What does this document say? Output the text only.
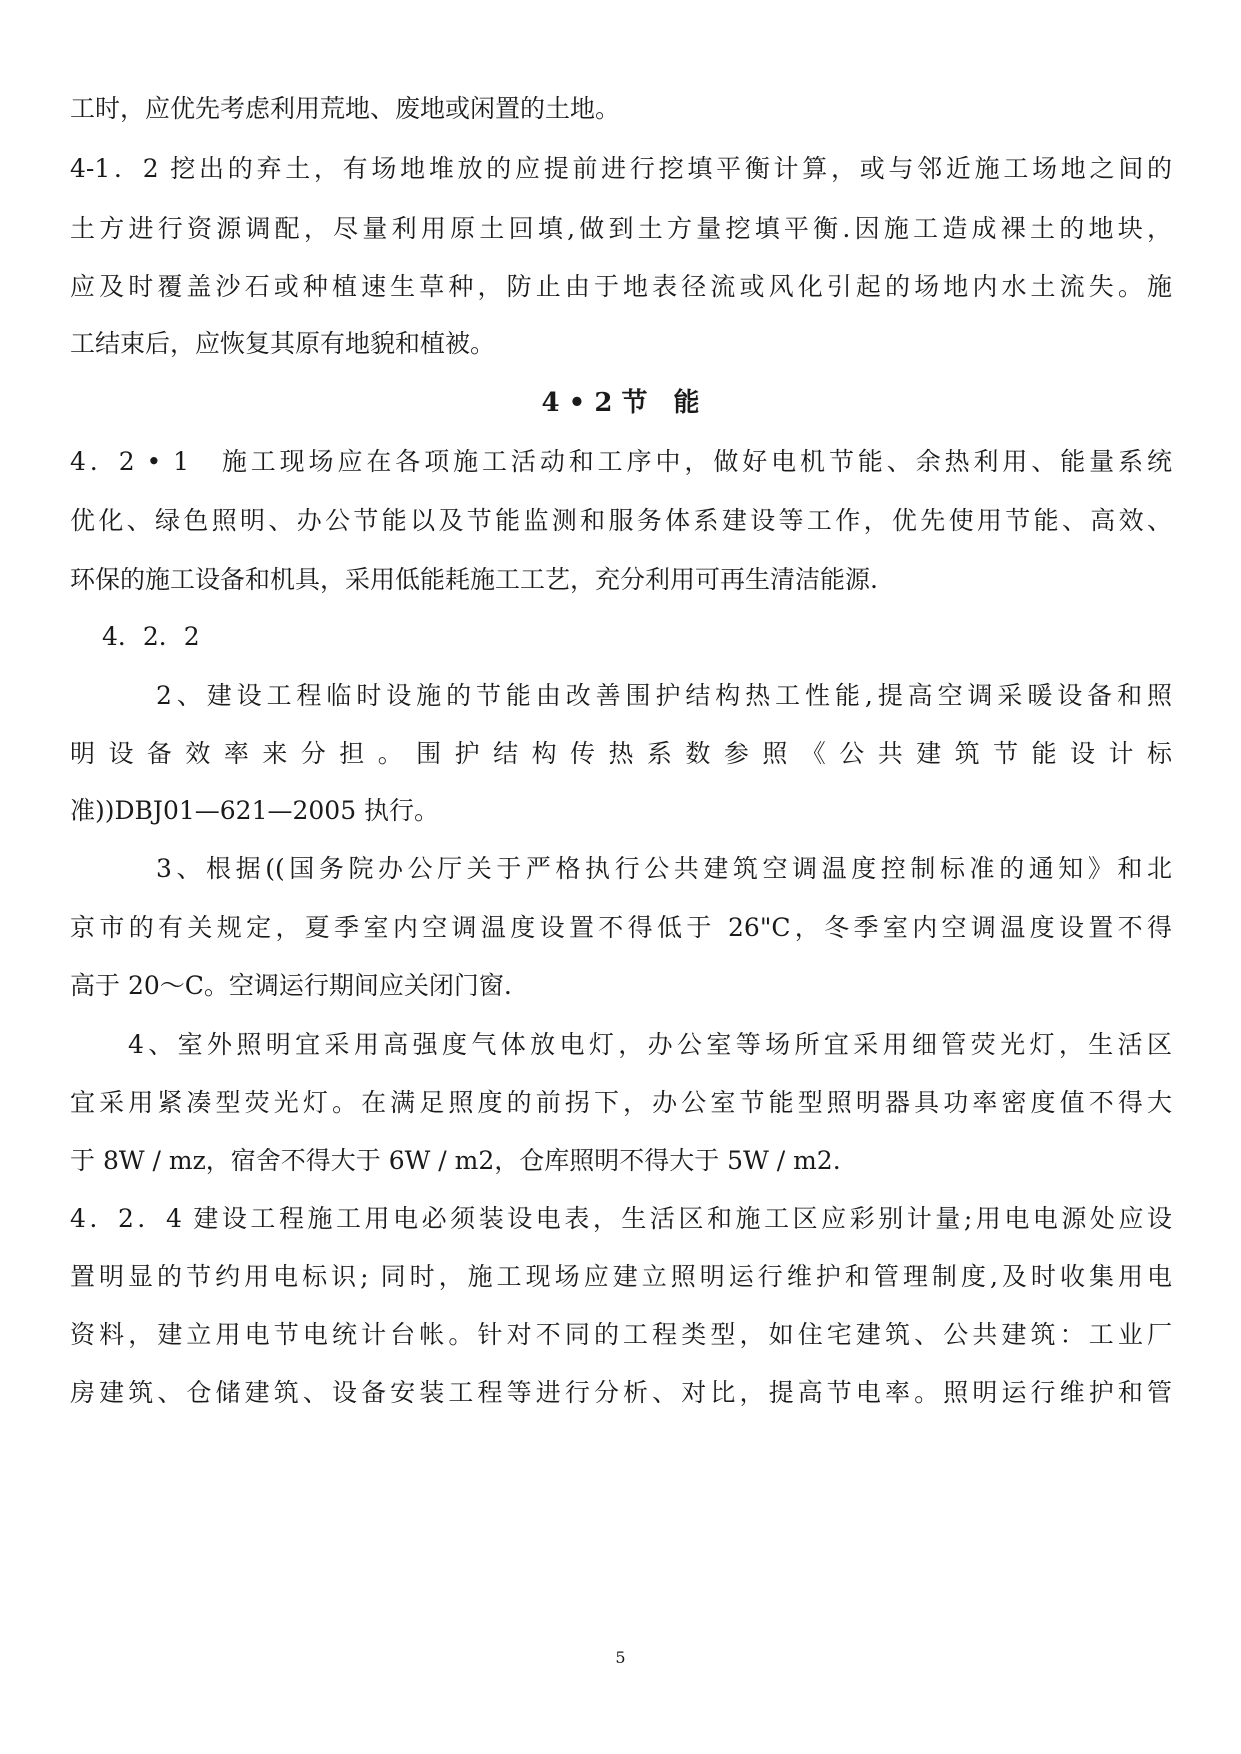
工时，应优先考虑利用荒地、废地或闲置的土地。
4-1．2 挖出的弃土，有场地堆放的应提前进行挖填平衡计算，或与邻近施工场地之间的
土方进行资源调配，尽量利用原土回填,做到土方量挖填平衡.因施工造成裸土的地块，
应及时覆盖沙石或种植速生草种，防止由于地表径流或风化引起的场地内水土流失。施
工结束后，应恢复其原有地貌和植被。
4 • 2 节　能
4．2 • 1　施工现场应在各项施工活动和工序中，做好电机节能、余热利用、能量系统
优化、绿色照明、办公节能以及节能监测和服务体系建设等工作，优先使用节能、高效、
环保的施工设备和机具，采用低能耗施工工艺，充分利用可再生清洁能源.
4．2．2
2、建设工程临时设施的节能由改善围护结构热工性能,提高空调采暖设备和照
明设备效率来分担。围护结构传热系数参照《公共建筑节能设计标
准))DBJ01—621—2005 执行。
3、根据((国务院办公厅关于严格执行公共建筑空调温度控制标准的通知》和北
京市的有关规定，夏季室内空调温度设置不得低于 26"C，冬季室内空调温度设置不得
高于 20～C。空调运行期间应关闭门窗.
4、室外照明宜采用高强度气体放电灯，办公室等场所宜采用细管荧光灯，生活区
宜采用紧凑型荧光灯。在满足照度的前拐下，办公室节能型照明器具功率密度值不得大
于 8W / mz，宿舍不得大于 6W / m2，仓库照明不得大于 5W / m2.
4．2．4 建设工程施工用电必须装设电表，生活区和施工区应彩别计量;用电电源处应设
置明显的节约用电标识; 同时，施工现场应建立照明运行维护和管理制度,及时收集用电
资料，建立用电节电统计台帐。针对不同的工程类型，如住宅建筑、公共建筑：工业厂
房建筑、仓储建筑、设备安装工程等进行分析、对比，提高节电率。照明运行维护和管
5
